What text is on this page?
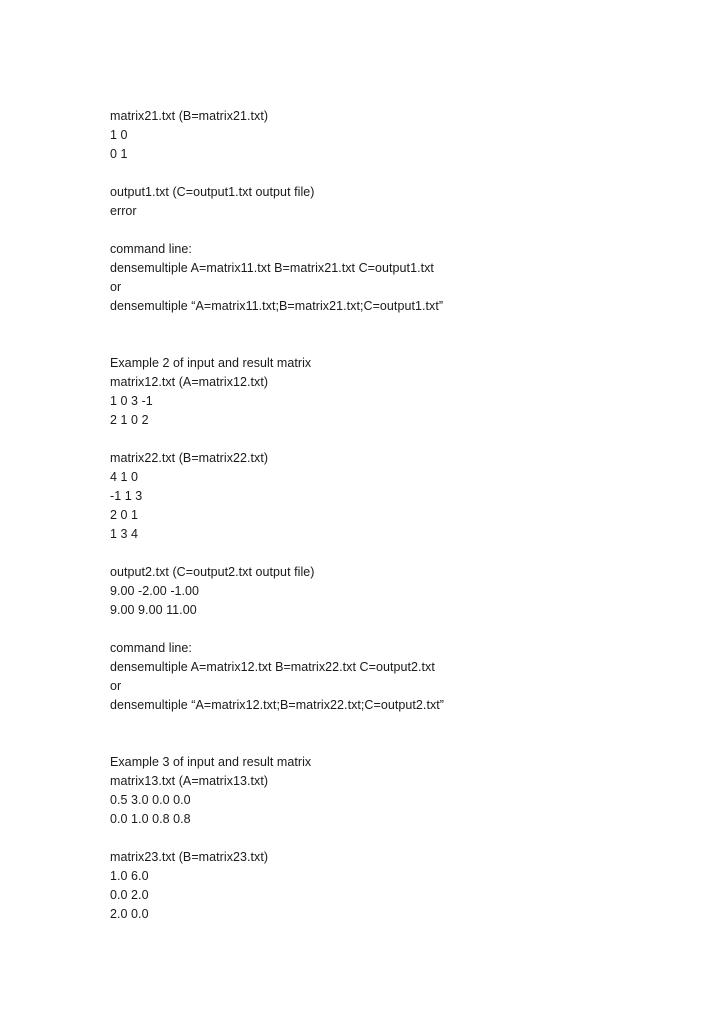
matrix21.txt (B=matrix21.txt)
1 0
0 1
output1.txt (C=output1.txt output file)
error
command line:
densemultiple A=matrix11.txt B=matrix21.txt C=output1.txt
or
densemultiple “A=matrix11.txt;B=matrix21.txt;C=output1.txt”
Example 2 of input and result matrix
matrix12.txt (A=matrix12.txt)
1 0 3 -1
2 1 0 2
matrix22.txt (B=matrix22.txt)
4 1 0
-1 1 3
2 0 1
1 3 4
output2.txt (C=output2.txt output file)
9.00 -2.00 -1.00
9.00 9.00 11.00
command line:
densemultiple A=matrix12.txt B=matrix22.txt C=output2.txt
or
densemultiple “A=matrix12.txt;B=matrix22.txt;C=output2.txt”
Example 3 of input and result matrix
matrix13.txt (A=matrix13.txt)
0.5 3.0 0.0 0.0
0.0 1.0 0.8 0.8
matrix23.txt (B=matrix23.txt)
1.0 6.0
0.0 2.0
2.0 0.0
